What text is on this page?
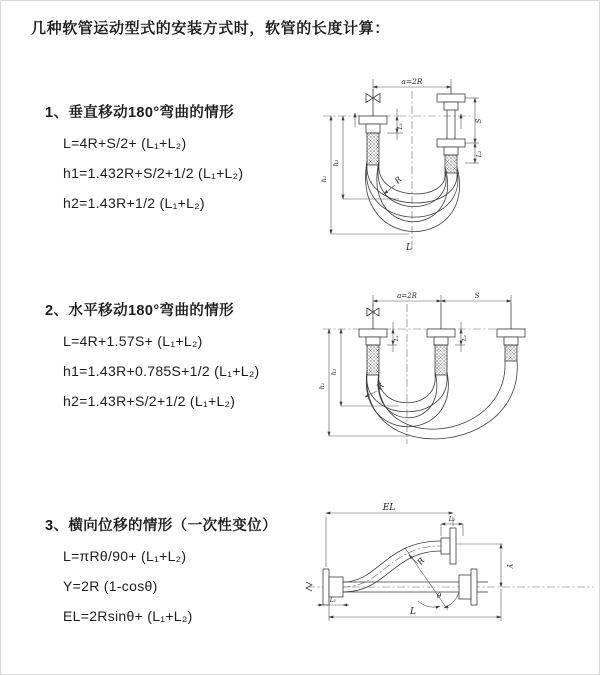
几种软管运动型式的安装方式时，软管的长度计算：
1、垂直移动180°弯曲的情形
L=4R+S/2+ (L₁+L₂)
h1=1.432R+S/2+1/2 (L₁+L₂)
h2=1.43R+1/2 (L₁+L₂)
2、水平移动180°弯曲的情形
L=4R+1.57S+ (L₁+L₂)
h1=1.43R+0.785S+1/2 (L₁+L₂)
h2=1.43R+S/2+1/2 (L₁+L₂)
3、横向位移的情形（一次性变位）
L=πRθ/90+ (L₁+L₂)
Y=2R (1-cosθ)
EL=2Rsinθ+ (L₁+L₂)
a=2R
L₁
S
L₂
h₁
h₂
R
L
a=2R	S
L₁	L₂
h₁
h₂
R
EL
L₂
Y
L
L₁
R
θ
